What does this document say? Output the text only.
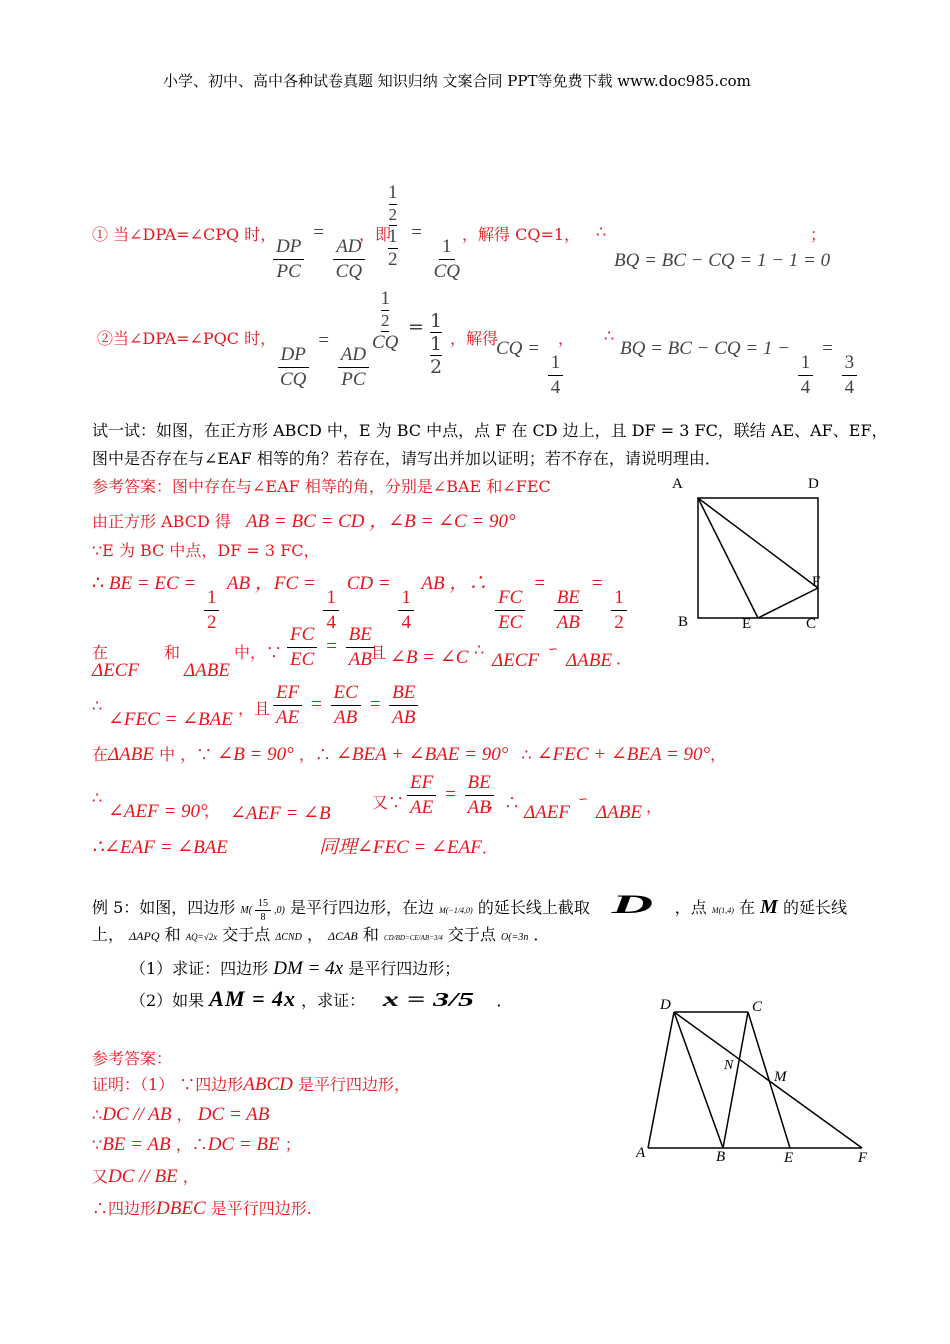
小学、初中、高中各种试卷真题 知识归纳 文案合同 PPT等免费下载 www.doc985.com
① 当∠DPA=∠CPQ 时，
$\frac{DP}{PC}$
=
$\frac{AD}{CQ}$
，即
1
2
1
2
=
$\frac{1}{CQ}$
，解得 CQ=1， ∴	；
BQ = BC − CQ = 1 − 1 = 0
②当∠DPA=∠PQC 时，
$\frac{DP}{CQ}$
=
$\frac{AD}{PC}$
1
2
CQ
= 1
1
2
，解得
CQ =
$\frac{1}{4}$
， ∴
BQ = BC − CQ = 1 −
$\frac{1}{4}$
=
$\frac{3}{4}$
试一试：如图，在正方形 ABCD 中，E 为 BC 中点，点 F 在 CD 边上，且 DF = 3 FC，联结 AE、AF、EF，
图中是否存在与∠EAF 相等的角？若存在，请写出并加以证明；若不存在，请说明理由．
参考答案：图中存在与∠EAF 相等的角，分别是∠BAE 和∠FEC
由正方形 ABCD 得 AB = BC = CD ，∠B = ∠C = 90°
∵E 为 BC 中点，DF = 3 FC，
∴ BE = EC =
$\frac{1}{2}$
AB ，FC =
$\frac{1}{4}$
CD =
$\frac{1}{4}$
AB ，∴
$\frac{FC}{EC}$
=
$\frac{BE}{AB}$
=
$\frac{1}{2}$
在
ΔECF
和
ΔABE
中，∵ $\frac{FC}{EC} = \frac{BE}{AB}$
且 ∠B = ∠C ∴
ΔECF
∽
ΔABE ．
∴
∠FEC = ∠BAE
，且 $\frac{EF}{AE} = \frac{EC}{AB} = \frac{BE}{AB}$
在ΔABE 中 ，∵ ∠B = 90° ，∴ ∠BEA + ∠BAE = 90° ∴ ∠FEC + ∠BEA = 90°，
∴
∠AEF = 90°
， ∠AEF = ∠B
又∵ $\frac{EF}{AE} = \frac{BE}{AB}$
，∴ ΔAEF
∽
ΔABE ，
∴∠EAF = ∠BAE	同理∠FEC = ∠EAF．
A	D
B	E	C
F
例 5：如图，四边形 $M( \frac{15}{8} ,0)$ 是平行四边形，在边 M(−1/4,0) 的延长线上截取 D ，点 M(1,4) 在 M 的延长线
上， ΔAPQ 和 AQ=√2x 交于点 ΔCND ， ΔCAB 和 CD/BD=CE/AB=3/4 交于点 O(=3n ．
（1）求证：四边形 DM = 4x 是平行四边形；
（2）如果 AM = 4x ，求证： x = 3/5 ．
参考答案：
证明：（1） ∵四边形ABCD 是平行四边形，
∴DC // AB ， DC = AB
∵BE = AB ，∴DC = BE ；
又DC // BE ，
∴四边形DBEC 是平行四边形.
D	C
N
M
A	B	E	F
